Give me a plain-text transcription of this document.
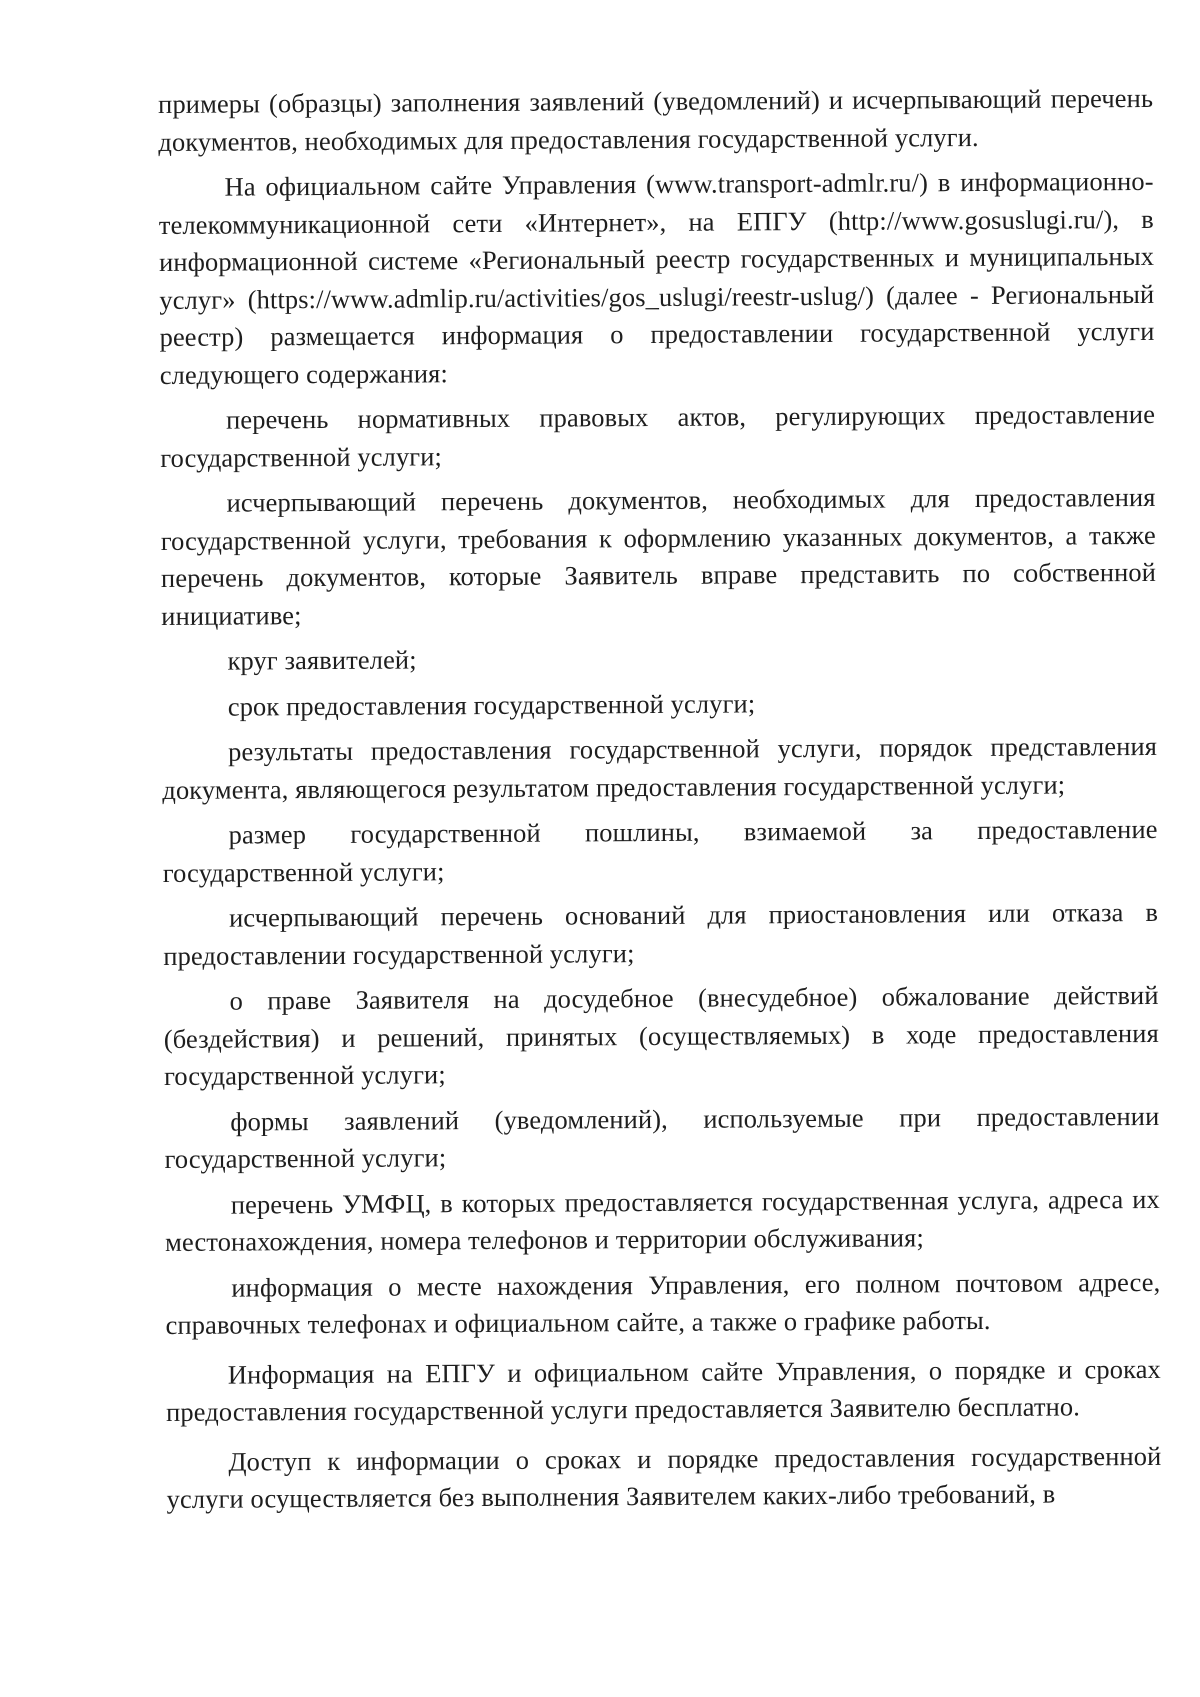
примеры (образцы) заполнения заявлений (уведомлений) и исчерпывающий перечень документов, необходимых для предоставления государственной услуги.

На официальном сайте Управления (www.transport-admlr.ru/) в информационно-телекоммуникационной сети «Интернет», на ЕПГУ (http://www.gosuslugi.ru/), в информационной системе «Региональный реестр государственных и муниципальных услуг» (https://www.admlip.ru/activities/gos_uslugi/reestr-uslug/) (далее - Региональный реестр) размещается информация о предоставлении государственной услуги следующего содержания:

перечень нормативных правовых актов, регулирующих предоставление государственной услуги;

исчерпывающий перечень документов, необходимых для предоставления государственной услуги, требования к оформлению указанных документов, а также перечень документов, которые Заявитель вправе представить по собственной инициативе;

круг заявителей;

срок предоставления государственной услуги;

результаты предоставления государственной услуги, порядок представления документа, являющегося результатом предоставления государственной услуги;

размер государственной пошлины, взимаемой за предоставление государственной услуги;

исчерпывающий перечень оснований для приостановления или отказа в предоставлении государственной услуги;

о праве Заявителя на досудебное (внесудебное) обжалование действий (бездействия) и решений, принятых (осуществляемых) в ходе предоставления государственной услуги;

формы заявлений (уведомлений), используемые при предоставлении государственной услуги;

перечень УМФЦ, в которых предоставляется государственная услуга, адреса их местонахождения, номера телефонов и территории обслуживания;

информация о месте нахождения Управления, его полном почтовом адресе, справочных телефонах и официальном сайте, а также о графике работы.

Информация на ЕПГУ и официальном сайте Управления, о порядке и сроках предоставления государственной услуги предоставляется Заявителю бесплатно.

Доступ к информации о сроках и порядке предоставления государственной услуги осуществляется без выполнения Заявителем каких-либо требований, в
